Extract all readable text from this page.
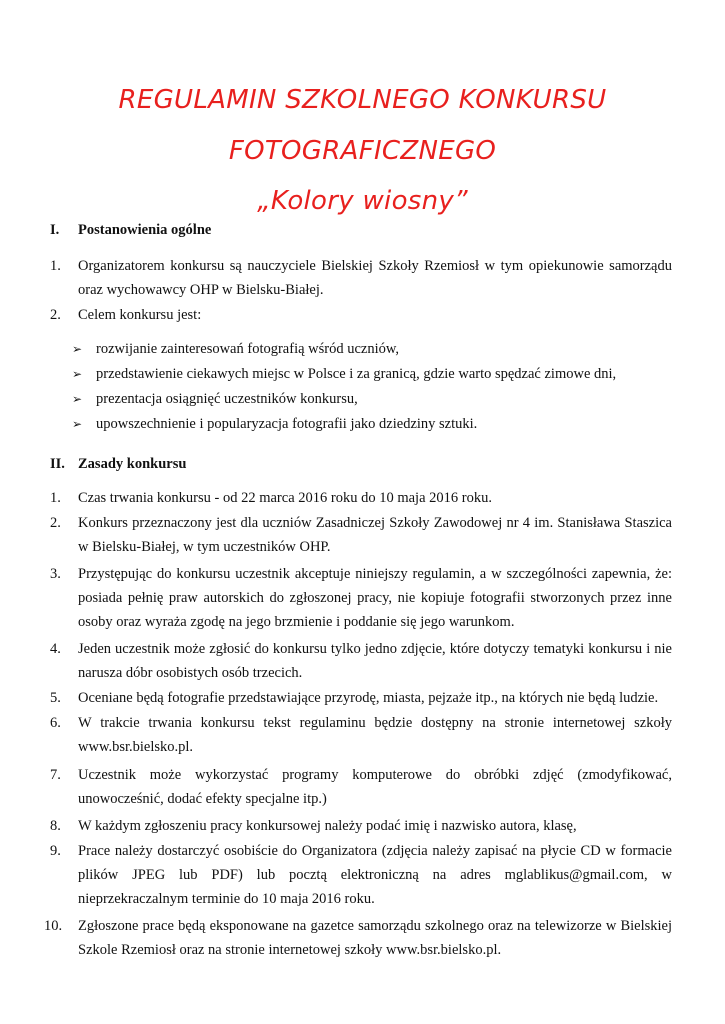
REGULAMIN SZKOLNEGO KONKURSU
FOTOGRAFICZNEGO
„Kolory wiosny”
I. Postanowienia ogólne
1.	Organizatorem konkursu są nauczyciele Bielskiej Szkoły Rzemiosł w tym opiekunowie samorządu oraz wychowawcy OHP w Bielsku-Białej.
2.	Celem konkursu jest:
➢ rozwijanie zainteresowań fotografią wśród uczniów,
➢ przedstawienie ciekawych miejsc w Polsce i za granicą, gdzie warto spędzać zimowe dni,
➢ prezentacja osiągnięć uczestników konkursu,
➢ upowszechnienie i popularyzacja fotografii jako dziedziny sztuki.
II. Zasady konkursu
1.	Czas trwania konkursu - od 22 marca 2016 roku do 10 maja 2016 roku.
2.	Konkurs przeznaczony jest dla uczniów Zasadniczej Szkoły Zawodowej nr 4 im. Stanisława Staszica w Bielsku-Białej, w tym uczestników OHP.
3.	Przystępując do konkursu uczestnik akceptuje niniejszy regulamin, a w szczególności zapewnia, że: posiada pełnię praw autorskich do zgłoszonej pracy, nie kopiuje fotografii stworzonych przez inne osoby oraz wyraża zgodę na jego brzmienie i poddanie się jego warunkom.
4.	Jeden uczestnik może zgłosić do konkursu tylko jedno zdjęcie, które dotyczy tematyki konkursu i nie narusza dóbr osobistych osób trzecich.
5.	Oceniane będą fotografie przedstawiające przyrodę, miasta, pejzaże itp., na których nie będą ludzie.
6.	W trakcie trwania konkursu tekst regulaminu będzie dostępny na stronie internetowej szkoły www.bsr.bielsko.pl.
7.	Uczestnik może wykorzystać programy komputerowe do obróbki zdjęć (zmodyfikować, unowocześnić, dodać efekty specjalne itp.)
8.	W każdym zgłoszeniu pracy konkursowej należy podać imię i nazwisko autora, klasę,
9.	Prace należy dostarczyć osobiście do Organizatora (zdjęcia należy zapisać na płycie CD w formacie plików JPEG lub PDF) lub pocztą elektroniczną na adres mglablikus@gmail.com, w nieprzekraczalnym terminie do 10 maja 2016 roku.
10.	Zgłoszone prace będą eksponowane na gazetce samorządu szkolnego oraz na telewizorze w Bielskiej Szkole Rzemiosł oraz na stronie internetowej szkoły www.bsr.bielsko.pl.
